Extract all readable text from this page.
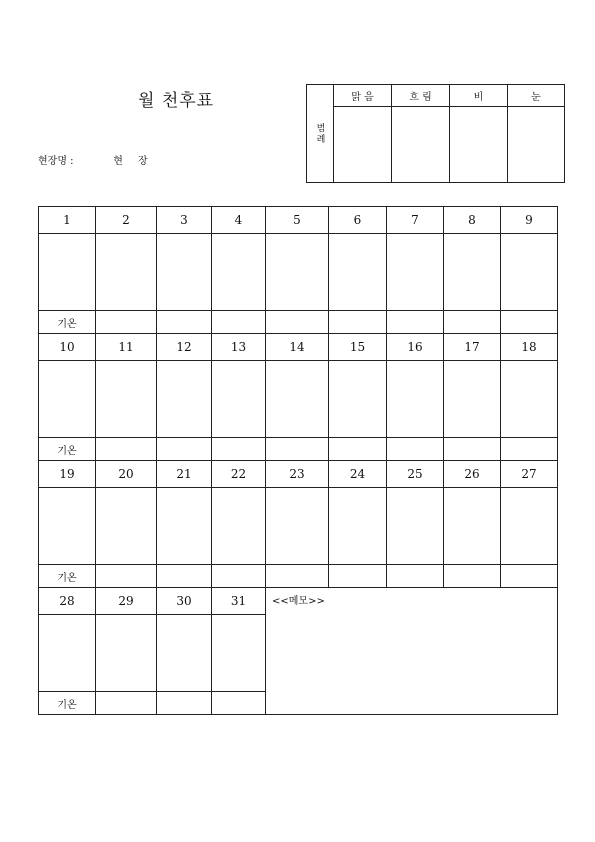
월 천후표
현장명 :	현 장
범례	맑 음	흐 림	비	눈

1	2	3	4	5	6	7	8	9

기온								
10	11	12	13	14	15	16	17	18

기온								
19	20	21	22	23	24	25	26	27

기온								
28	29	30	31	<<메모>>				

기온								
